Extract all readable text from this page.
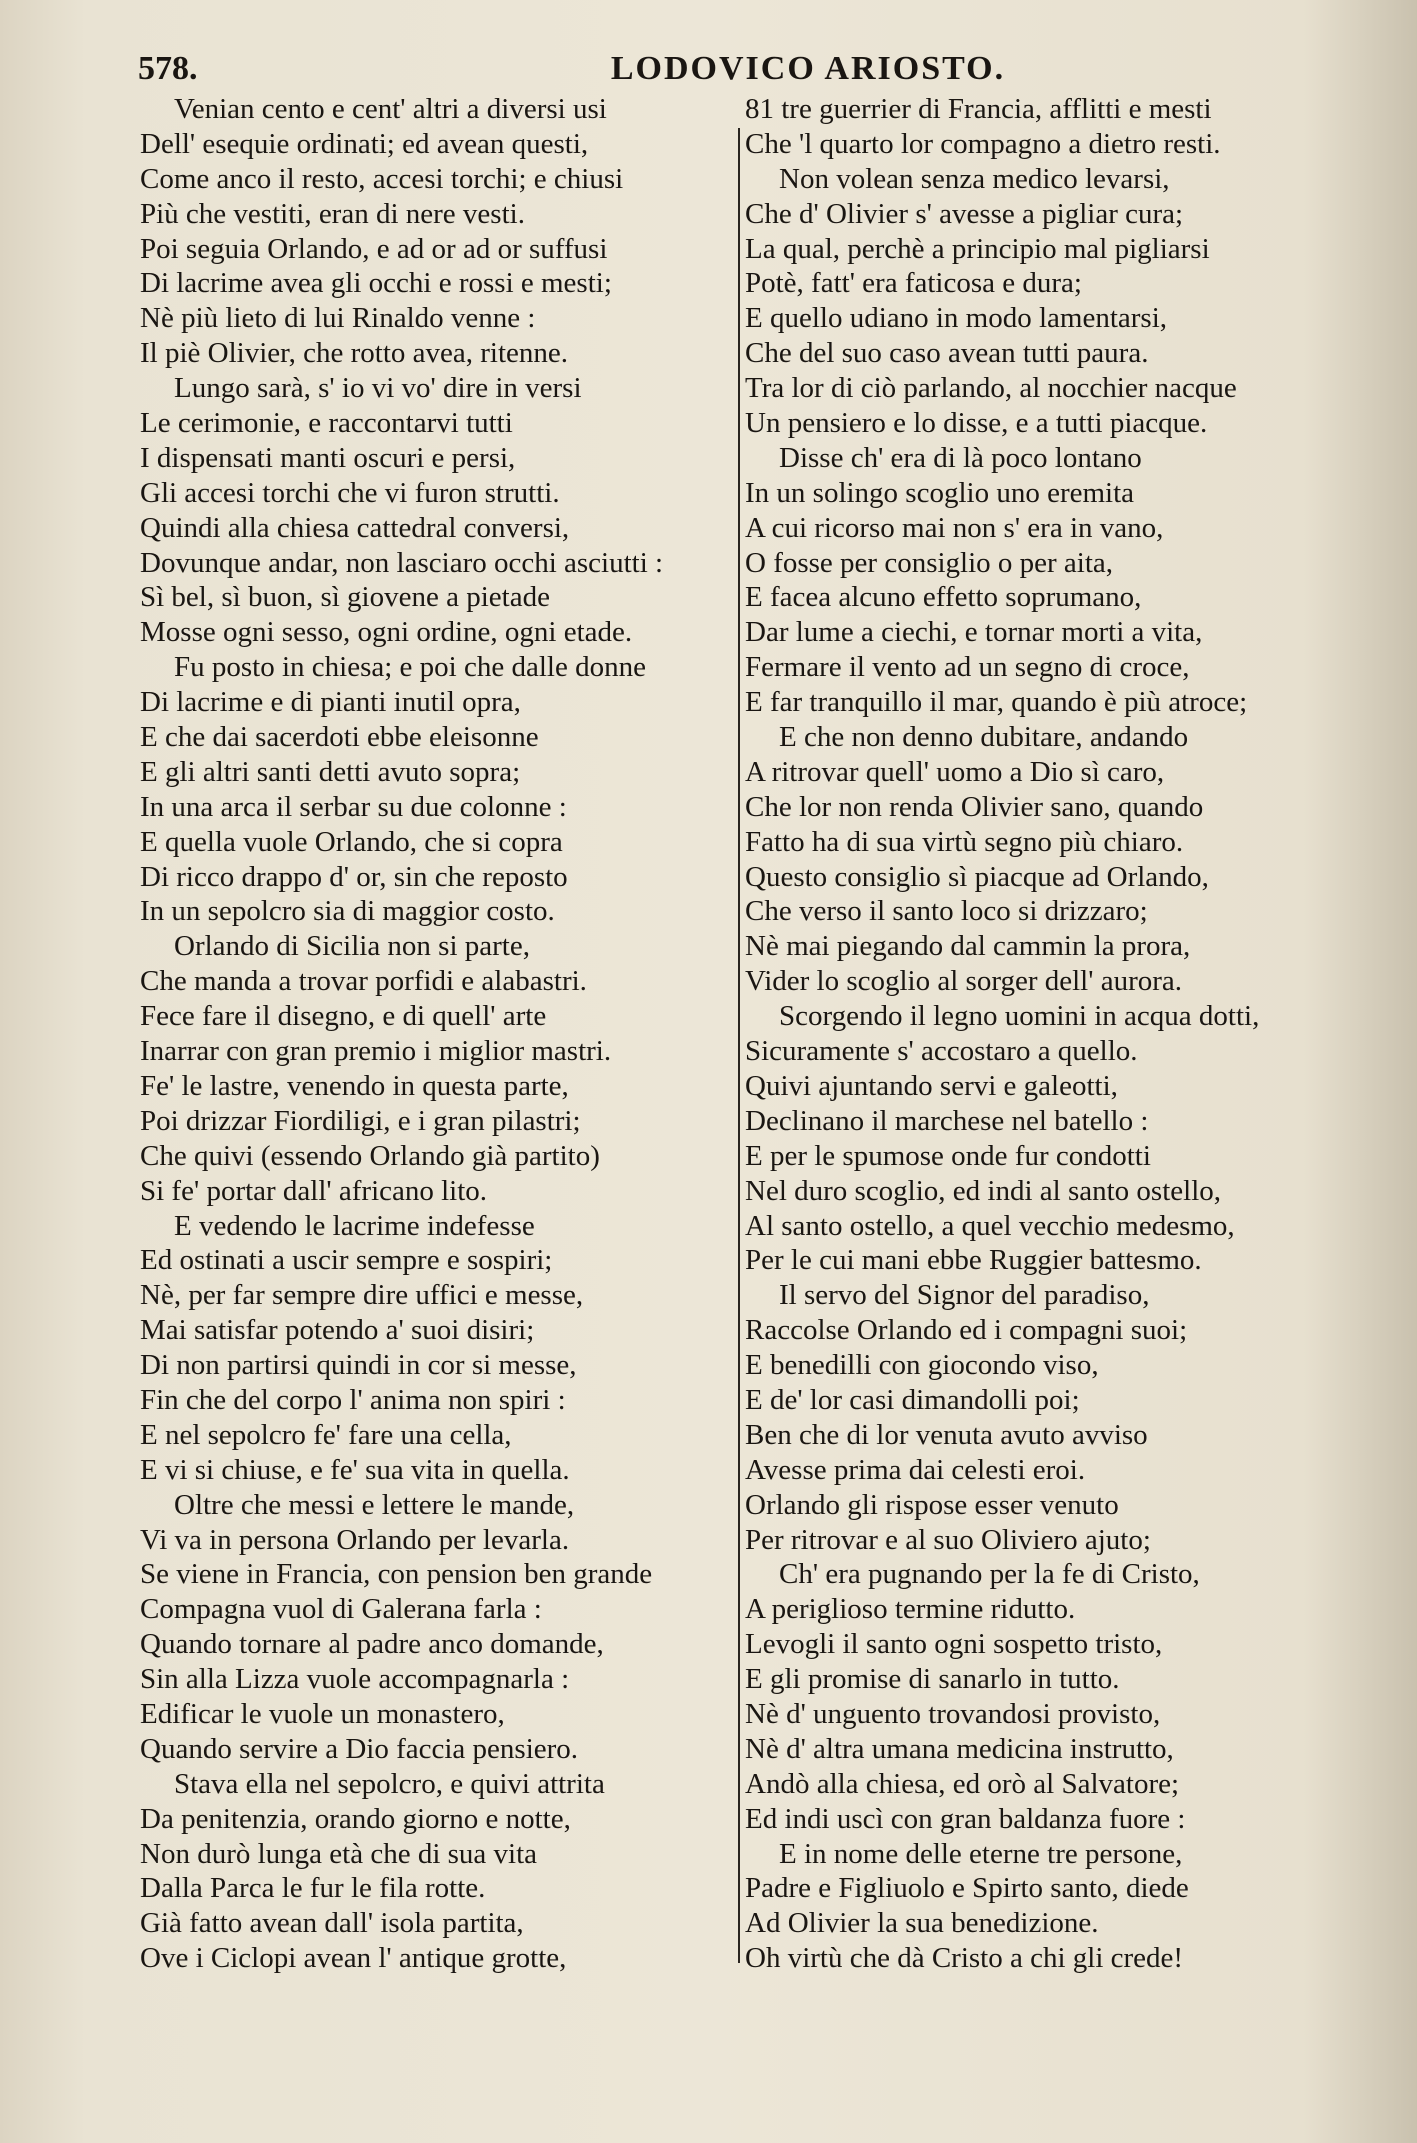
578.	LODOVICO ARIOSTO.
Venian cento e cent' altri a diversi usi
Dell' esequie ordinati; ed avean questi,
Come anco il resto, accesi torchi; e chiusi
Più che vestiti, eran di nere vesti.
Poi seguia Orlando, e ad or ad or suffusi
Di lacrime avea gli occhi e rossi e mesti;
Nè più lieto di lui Rinaldo venne :
Il piè Olivier, che rotto avea, ritenne.
Lungo sarà, s' io vi vo' dire in versi
Le cerimonie, e raccontarvi tutti
I dispensati manti oscuri e persi,
Gli accesi torchi che vi furon strutti.
Quindi alla chiesa cattedral conversi,
Dovunque andar, non lasciaro occhi asciutti :
Sì bel, sì buon, sì giovene a pietade
Mosse ogni sesso, ogni ordine, ogni etade.
Fu posto in chiesa; e poi che dalle donne
Di lacrime e di pianti inutil opra,
E che dai sacerdoti ebbe eleisonne
E gli altri santi detti avuto sopra;
In una arca il serbar su due colonne :
E quella vuole Orlando, che si copra
Di ricco drappo d' or, sin che reposto
In un sepolcro sia di maggior costo.
Orlando di Sicilia non si parte,
Che manda a trovar porfidi e alabastri.
Fece fare il disegno, e di quell' arte
Inarrar con gran premio i miglior mastri.
Fe' le lastre, venendo in questa parte,
Poi drizzar Fiordiligi, e i gran pilastri;
Che quivi (essendo Orlando già partito)
Si fe' portar dall' africano lito.
E vedendo le lacrime indefesse
Ed ostinati a uscir sempre e sospiri;
Nè, per far sempre dire uffici e messe,
Mai satisfar potendo a' suoi disiri;
Di non partirsi quindi in cor si messe,
Fin che del corpo l' anima non spiri :
E nel sepolcro fe' fare una cella,
E vi si chiuse, e fe' sua vita in quella.
Oltre che messi e lettere le mande,
Vi va in persona Orlando per levarla.
Se viene in Francia, con pension ben grande
Compagna vuol di Galerana farla :
Quando tornare al padre anco domande,
Sin alla Lizza vuole accompagnarla :
Edificar le vuole un monastero,
Quando servire a Dio faccia pensiero.
Stava ella nel sepolcro, e quivi attrita
Da penitenzia, orando giorno e notte,
Non durò lunga età che di sua vita
Dalla Parca le fur le fila rotte.
Già fatto avean dall' isola partita,
Ove i Ciclopi avean l' antique grotte,
81 tre guerrier di Francia, afflitti e mesti
Che 'l quarto lor compagno a dietro resti.
Non volean senza medico levarsi,
Che d' Olivier s' avesse a pigliar cura;
La qual, perchè a principio mal pigliarsi
Potè, fatt' era faticosa e dura;
E quello udiano in modo lamentarsi,
Che del suo caso avean tutti paura.
Tra lor di ciò parlando, al nocchier nacque
Un pensiero e lo disse, e a tutti piacque.
Disse ch' era di là poco lontano
In un solingo scoglio uno eremita
A cui ricorso mai non s' era in vano,
O fosse per consiglio o per aita,
E facea alcuno effetto soprumano,
Dar lume a ciechi, e tornar morti a vita,
Fermare il vento ad un segno di croce,
E far tranquillo il mar, quando è più atroce;
E che non denno dubitare, andando
A ritrovar quell' uomo a Dio sì caro,
Che lor non renda Olivier sano, quando
Fatto ha di sua virtù segno più chiaro.
Questo consiglio sì piacque ad Orlando,
Che verso il santo loco si drizzaro;
Nè mai piegando dal cammin la prora,
Vider lo scoglio al sorger dell' aurora.
Scorgendo il legno uomini in acqua dotti,
Sicuramente s' accostaro a quello.
Quivi ajuntando servi e galeotti,
Declinano il marchese nel batello :
E per le spumose onde fur condotti
Nel duro scoglio, ed indi al santo ostello,
Al santo ostello, a quel vecchio medesmo,
Per le cui mani ebbe Ruggier battesmo.
Il servo del Signor del paradiso,
Raccolse Orlando ed i compagni suoi;
E benedilli con giocondo viso,
E de' lor casi dimandolli poi;
Ben che di lor venuta avuto avviso
Avesse prima dai celesti eroi.
Orlando gli rispose esser venuto
Per ritrovar e al suo Oliviero ajuto;
Ch' era pugnando per la fe di Cristo,
A periglioso termine ridutto.
Levogli il santo ogni sospetto tristo,
E gli promise di sanarlo in tutto.
Nè d' unguento trovandosi provisto,
Nè d' altra umana medicina instrutto,
Andò alla chiesa, ed orò al Salvatore;
Ed indi uscì con gran baldanza fuore :
E in nome delle eterne tre persone,
Padre e Figliuolo e Spirto santo, diede
Ad Olivier la sua benedizione.
Oh virtù che dà Cristo a chi gli crede!
